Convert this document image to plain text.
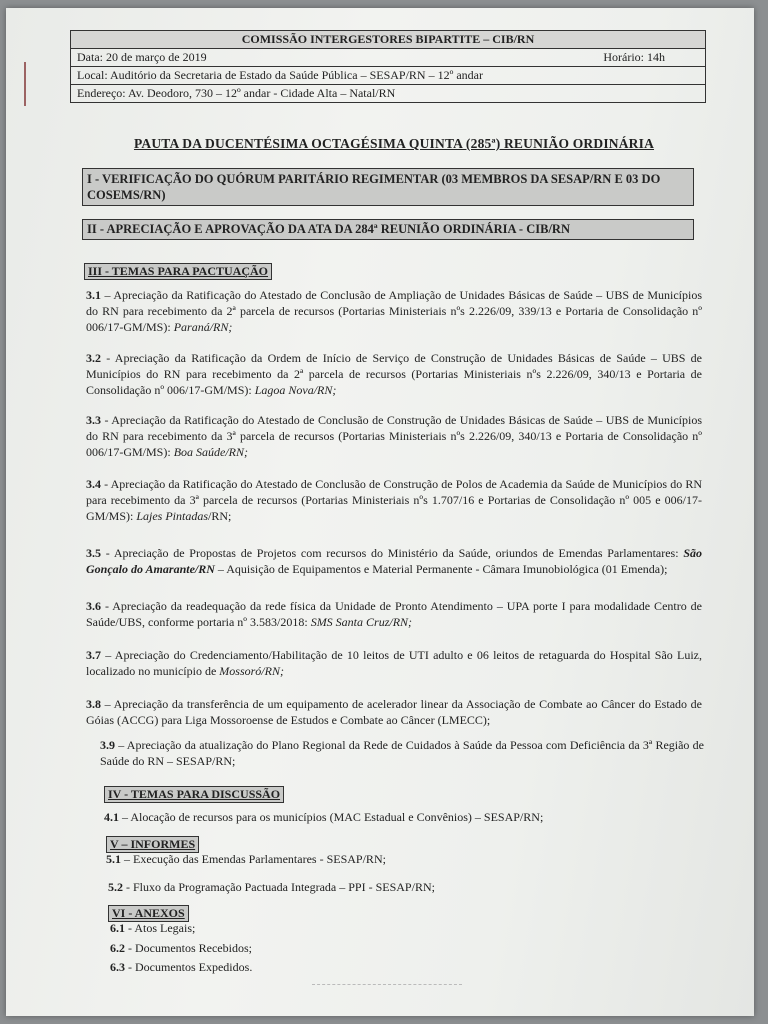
COMISSÃO INTERGESTORES BIPARTITE – CIB/RN
Data: 20 de março de 2019	Horário: 14h
Local: Auditório da Secretaria de Estado da Saúde Pública – SESAP/RN – 12º andar
Endereço: Av. Deodoro, 730 – 12º andar - Cidade Alta – Natal/RN
PAUTA DA DUCENTÉSIMA OCTAGÉSIMA QUINTA (285ª) REUNIÃO ORDINÁRIA
I - VERIFICAÇÃO DO QUÓRUM PARITÁRIO REGIMENTAR (03 MEMBROS DA SESAP/RN E 03 DO COSEMS/RN)
II - APRECIAÇÃO E APROVAÇÃO DA ATA DA 284ª REUNIÃO ORDINÁRIA - CIB/RN
III - TEMAS PARA PACTUAÇÃO
3.1 – Apreciação da Ratificação do Atestado de Conclusão de Ampliação de Unidades Básicas de Saúde – UBS de Municípios do RN para recebimento da 2ª parcela de recursos (Portarias Ministeriais nºs 2.226/09, 339/13 e Portaria de Consolidação nº 006/17-GM/MS): Paraná/RN;
3.2 - Apreciação da Ratificação da Ordem de Início de Serviço de Construção de Unidades Básicas de Saúde – UBS de Municípios do RN para recebimento da 2ª parcela de recursos (Portarias Ministeriais nºs 2.226/09, 340/13 e Portaria de Consolidação nº 006/17-GM/MS): Lagoa Nova/RN;
3.3 - Apreciação da Ratificação do Atestado de Conclusão de Construção de Unidades Básicas de Saúde – UBS de Municípios do RN para recebimento da 3ª parcela de recursos (Portarias Ministeriais nºs 2.226/09, 340/13 e Portaria de Consolidação nº 006/17-GM/MS): Boa Saúde/RN;
3.4 - Apreciação da Ratificação do Atestado de Conclusão de Construção de Polos de Academia da Saúde de Municípios do RN para recebimento da 3ª parcela de recursos (Portarias Ministeriais nºs 1.707/16 e Portarias de Consolidação nº 005 e 006/17-GM/MS): Lajes Pintadas/RN;
3.5 - Apreciação de Propostas de Projetos com recursos do Ministério da Saúde, oriundos de Emendas Parlamentares: São Gonçalo do Amarante/RN – Aquisição de Equipamentos e Material Permanente - Câmara Imunobiológica (01 Emenda);
3.6 - Apreciação da readequação da rede física da Unidade de Pronto Atendimento – UPA porte I para modalidade Centro de Saúde/UBS, conforme portaria nº 3.583/2018: SMS Santa Cruz/RN;
3.7 – Apreciação do Credenciamento/Habilitação de 10 leitos de UTI adulto e 06 leitos de retaguarda do Hospital São Luiz, localizado no município de Mossoró/RN;
3.8 – Apreciação da transferência de um equipamento de acelerador linear da Associação de Combate ao Câncer do Estado de Góias (ACCG) para Liga Mossoroense de Estudos e Combate ao Câncer (LMECC);
3.9 – Apreciação da atualização do Plano Regional da Rede de Cuidados à Saúde da Pessoa com Deficiência da 3ª Região de Saúde do RN – SESAP/RN;
IV - TEMAS PARA DISCUSSÃO
4.1 – Alocação de recursos para os municípios (MAC Estadual e Convênios) – SESAP/RN;
V – INFORMES
5.1 – Execução das Emendas Parlamentares - SESAP/RN;
5.2 - Fluxo da Programação Pactuada Integrada – PPI - SESAP/RN;
VI - ANEXOS
6.1 - Atos Legais;
6.2 - Documentos Recebidos;
6.3 - Documentos Expedidos.
